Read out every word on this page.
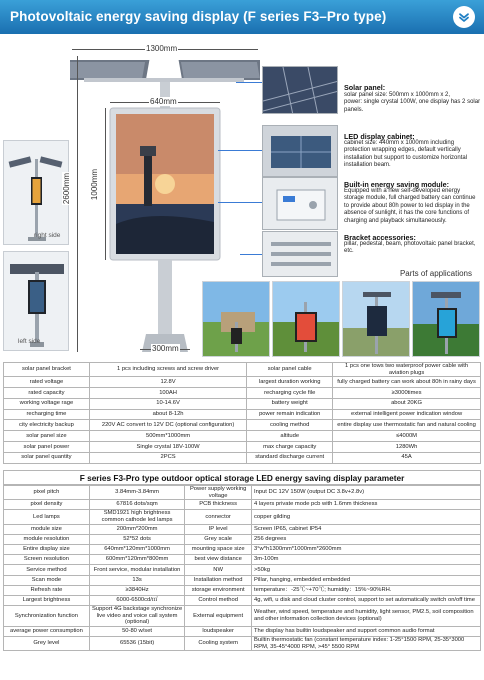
Photovoltaic energy saving display (F series F3–Pro type)
right side
left side
1300mm
640mm
1000mm
2600mm
300mm
Solar panel:
solar panel size: 500mm x 1000mm x 2,
power: single crystal 100W, one display has 2 solar panels.
LED display cabinet:
cabinet size: 440mm x 1000mm including protection wrapping edges, default vertically installation but support to customize horizontal installation beam.
Built-in energy saving module:
Equipped with a new self-developed energy storage module, full charged battery can continue to provide about 80h power to led display in the absence of sunlight, it has the core functions of charging and playback simultaneously.
Bracket accessories:
pillar, pedestal, beam, photovoltaic panel bracket, etc.
Parts of applications
solar panel bracket	1 pcs including screws and screw driver	solar panel cable	1 pcs one tows two waterproof power cable with aviation plugs
rated voltage	12.8V	largest duration working	fully charged battery can work about 80h in rainy days
rated capacity	100AH	recharging cycle file	≥3000times
working voltage rage	10-14.6V	battery weight	about 20KG
recharging time	about 8-12h	power remain indication	external intelligent power indication window
city electricity backup	220V AC convert to 12V DC (optional configuration)	cooling method	entire display use thermostatic fan and natural cooling
solar panel size	500mm*1000mm	altitude	≤4000M
solar panel power	Single crystal 18V-100W	max charge capacity	1280Wh
solar panel quantity	2PCS	standard discharge current	45A
F series F3-Pro type outdoor optical storage LED energy saving display parameter
pixel pitch	3.84mm-3.84mm	Power supply working voltage	Input DC 12V 150W (output DC 3.8v+2.8v)
pixel density	67816 dots/sqm	PCB thickness	4 layers private mode pcb with 1.6mm thickness
Led lamps	SMD1921 high brightness common cathode led lamps	connector	copper gilding
module size	200mm*200mm	IP level	Screen IP65, cabinet IP54
module resolution	52*52 dots	Grey scale	256 degrees
Entire display size	640mm*120mm*1000mm	mounting space size	3°w*h1300mm*1000mm*2600mm
Screen resolution	600mm*120mm*800mm	best view distance	3m-100m
Service method	Front service, modular installation	NW	>50kg
Scan mode	13s	Installation method	Pillar, hanging, embedded embedded
Refresh rate	≥3840Hz	storage environment	temperature：-25℃~+70℃; humidity：15%~90%RH.
Largest brightness	6000-6500cd/㎡	Control method	4g, wifi, u disk and cloud cluster control, support to set automatically switch on/off time
Synchronization function	Support 4G backstage synchronize live video and voice call system (optional)	External equipment	Weather, wind speed, temperature and humidity, light sensor, PM2.5, soil composition and other information collection devices (optional)
average power consumption	50-80 w/set	loudspeaker	The display has builtin loudspeaker and support common audio format
Grey level	65536 (15bit)	Cooling system	Builtin thermostatic fan (constant temperature index: 1-25°1500 RPM, 25-35°3000 RPM, 35-45°4000 RPM, >45° 5500 RPM
